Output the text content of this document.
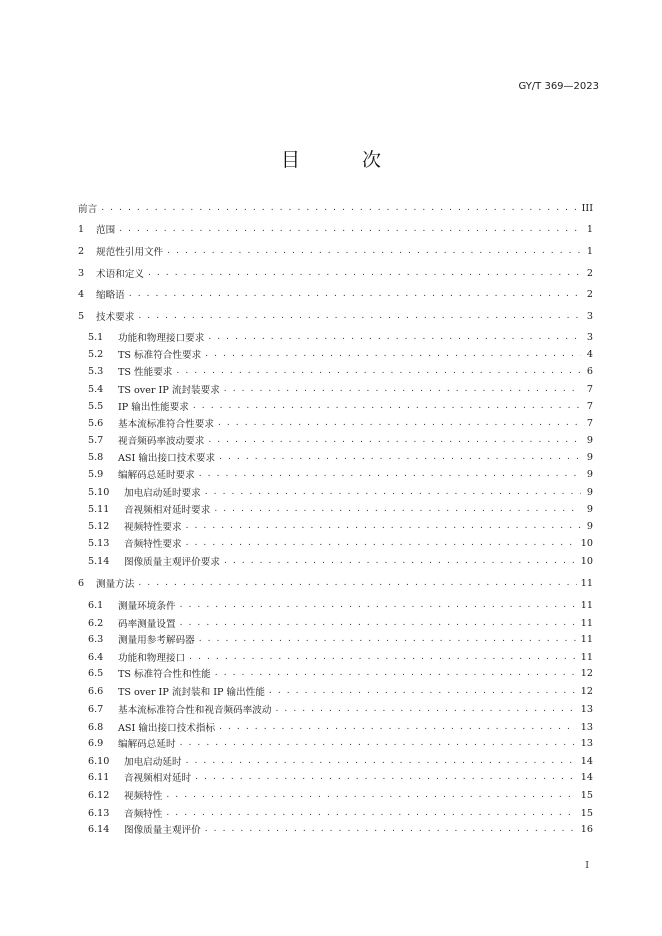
GY/T 369—2023
目 次
前言 . . .	III
1	范围 . . .	1
2	规范性引用文件 . . .	1
3	术语和定义 . . .	2
4	缩略语 . . .	2
5	技术要求 . . .	3
5.1	功能和物理接口要求 . . .	3
5.2	TS 标准符合性要求 . . .	4
5.3	TS 性能要求 . . .	6
5.4	TS over IP 流封装要求 . . .	7
5.5	IP 输出性能要求 . . .	7
5.6	基本流标准符合性要求 . . .	7
5.7	视音频码率波动要求 . . .	9
5.8	ASI 输出接口技术要求 . . .	9
5.9	编解码总延时要求 . . .	9
5.10	加电启动延时要求 . . .	9
5.11	音视频相对延时要求 . . .	9
5.12	视频特性要求 . . .	9
5.13	音频特性要求 . . .	10
5.14	图像质量主观评价要求 . . .	10
6	测量方法 . . .	11
6.1	测量环境条件 . . .	11
6.2	码率测量设置 . . .	11
6.3	测量用参考解码器 . . .	11
6.4	功能和物理接口 . . .	11
6.5	TS 标准符合性和性能 . . .	12
6.6	TS over IP 流封装和 IP 输出性能 . . .	12
6.7	基本流标准符合性和视音频码率波动 . . .	13
6.8	ASI 输出接口技术指标 . . .	13
6.9	编解码总延时 . . .	13
6.10	加电启动延时 . . .	14
6.11	音视频相对延时 . . .	14
6.12	视频特性 . . .	15
6.13	音频特性 . . .	15
6.14	图像质量主观评价 . . .	16
I
